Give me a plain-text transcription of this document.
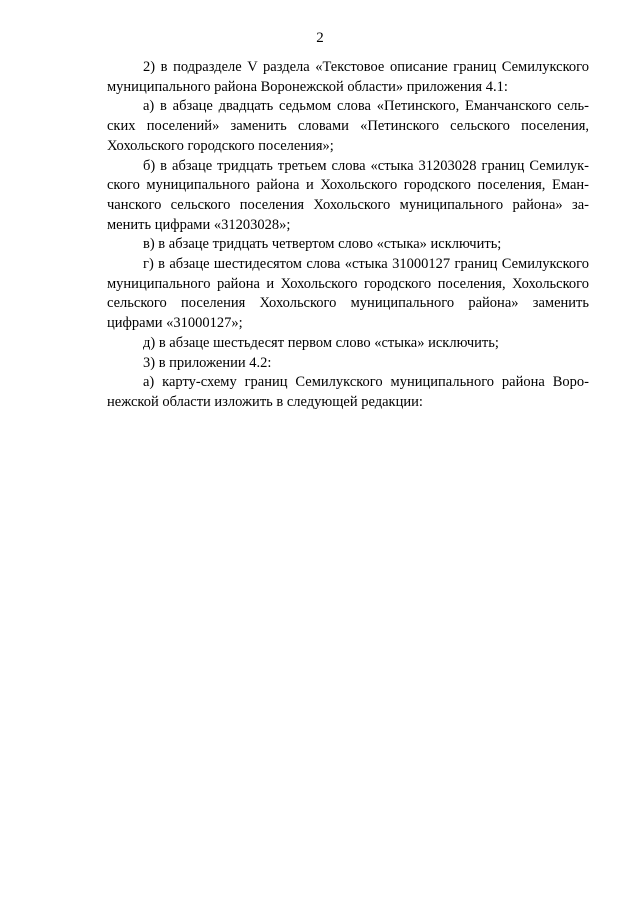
2

2) в подразделе V раздела «Текстовое описание границ Семилукского муниципального района Воронежской области» приложения 4.1:

а) в абзаце двадцать седьмом слова «Петинского, Еманчанского сельских поселений» заменить словами «Петинского сельского поселения, Хохольского городского поселения»;

б) в абзаце тридцать третьем слова «стыка 31203028 границ Семилукского муниципального района и Хохольского городского поселения, Еманчанского сельского поселения Хохольского муниципального района» заменить цифрами «31203028»;

в) в абзаце тридцать четвертом слово «стыка» исключить;

г) в абзаце шестидесятом слова «стыка 31000127 границ Семилукского муниципального района и Хохольского городского поселения, Хохольского сельского поселения Хохольского муниципального района» заменить цифрами «31000127»;

д) в абзаце шестьдесят первом слово «стыка» исключить;

3) в приложении 4.2:

а) карту-схему границ Семилукского муниципального района Воронежской области изложить в следующей редакции:
